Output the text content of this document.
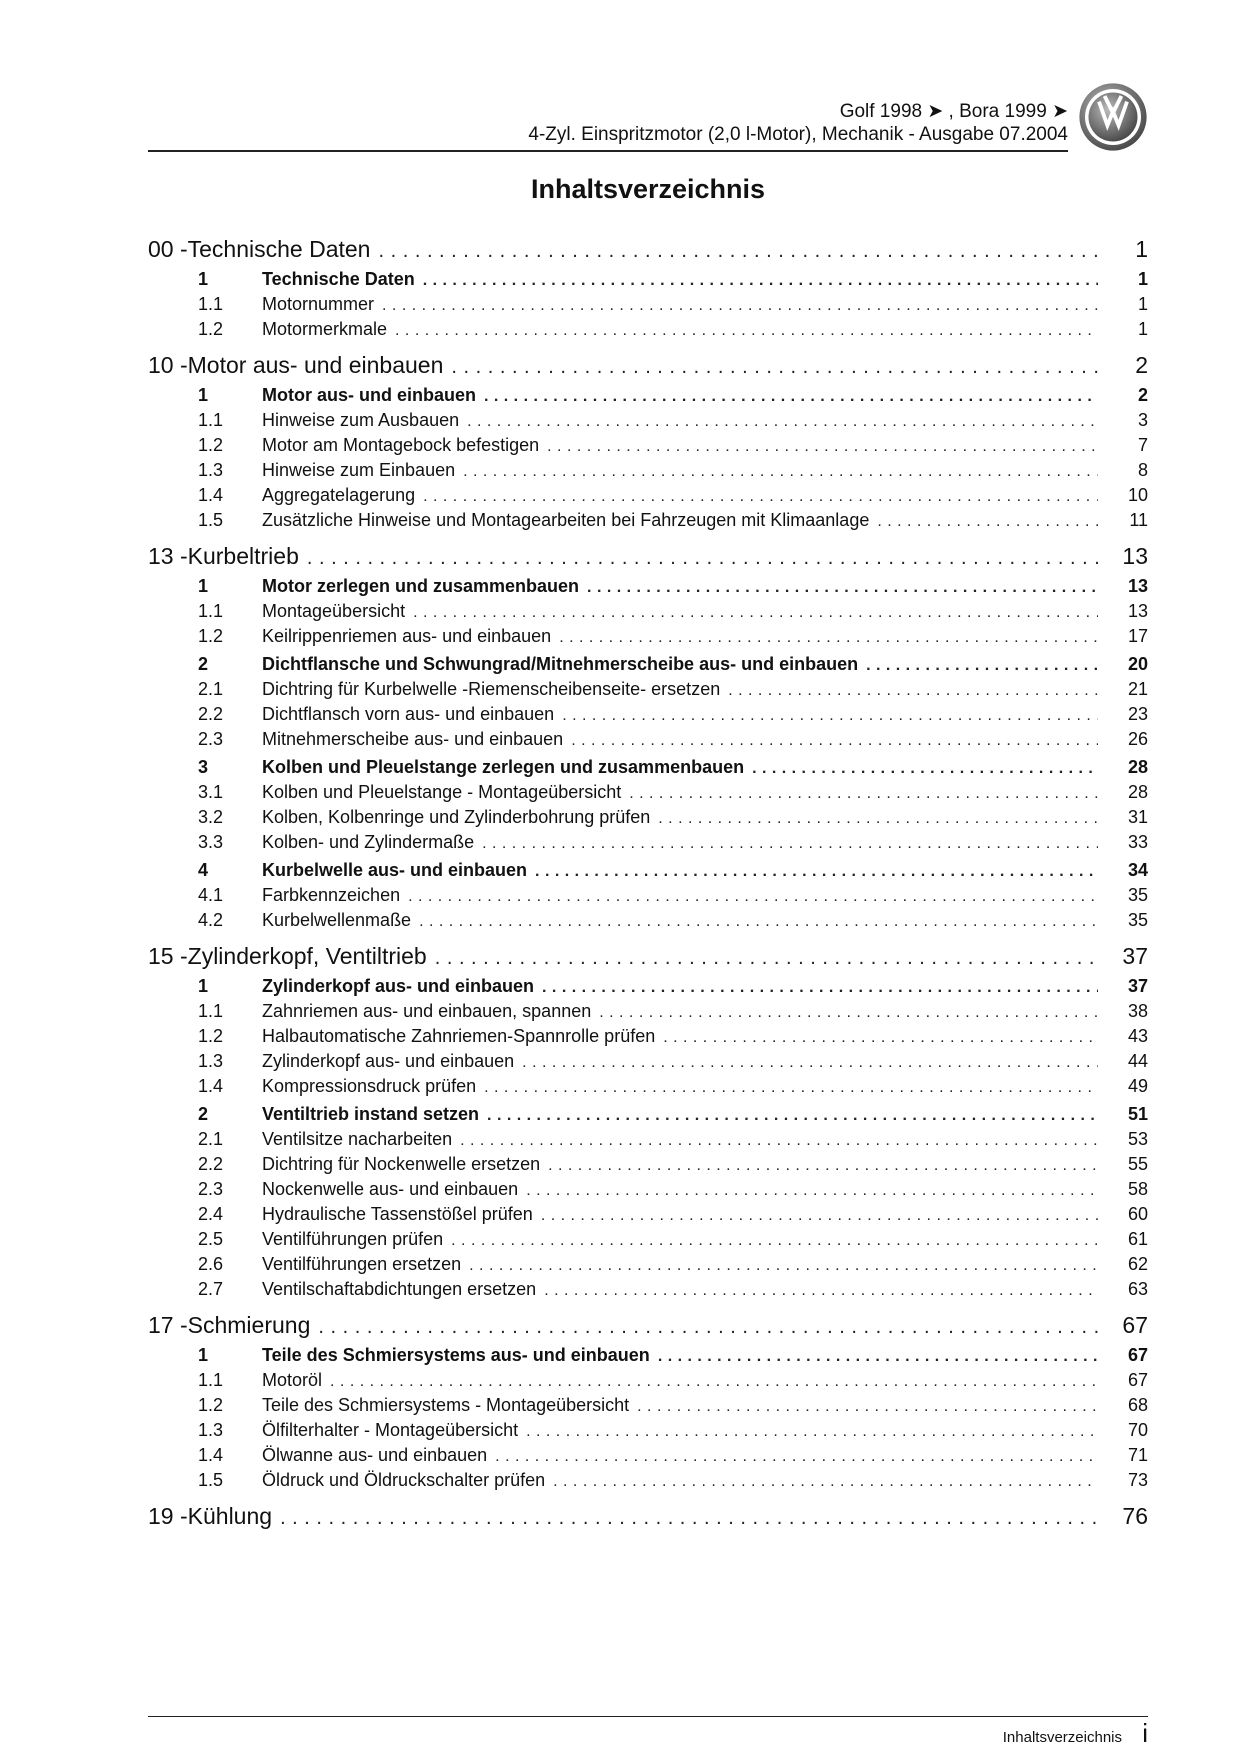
Golf 1998 ➤ , Bora 1999 ➤
4-Zyl. Einspritzmotor (2,0 l-Motor), Mechanik - Ausgabe 07.2004
Inhaltsverzeichnis
00 - Technische Daten . . .	1
1	Technische Daten . . .	1
1.1	Motornummer . . .	1
1.2	Motormerkmale . . .	1
10 - Motor aus- und einbauen . . .	2
1	Motor aus- und einbauen . . .	2
1.1	Hinweise zum Ausbauen . . .	3
1.2	Motor am Montagebock befestigen . . .	7
1.3	Hinweise zum Einbauen . . .	8
1.4	Aggregatelagerung . . .	10
1.5	Zusätzliche Hinweise und Montagearbeiten bei Fahrzeugen mit Klimaanlage . . .	11
13 - Kurbeltrieb . . .	13
1	Motor zerlegen und zusammenbauen . . .	13
1.1	Montageübersicht . . .	13
1.2	Keilrippenriemen aus- und einbauen . . .	17
2	Dichtflansche und Schwungrad/Mitnehmerscheibe aus- und einbauen . . .	20
2.1	Dichtring für Kurbelwelle -Riemenscheibenseite- ersetzen . . .	21
2.2	Dichtflansch vorn aus- und einbauen . . .	23
2.3	Mitnehmerscheibe aus- und einbauen . . .	26
3	Kolben und Pleuelstange zerlegen und zusammenbauen . . .	28
3.1	Kolben und Pleuelstange - Montageübersicht . . .	28
3.2	Kolben, Kolbenringe und Zylinderbohrung prüfen . . .	31
3.3	Kolben- und Zylindermaße . . .	33
4	Kurbelwelle aus- und einbauen . . .	34
4.1	Farbkennzeichen . . .	35
4.2	Kurbelwellenmaße . . .	35
15 - Zylinderkopf, Ventiltrieb . . .	37
1	Zylinderkopf aus- und einbauen . . .	37
1.1	Zahnriemen aus- und einbauen, spannen . . .	38
1.2	Halbautomatische Zahnriemen-Spannrolle prüfen . . .	43
1.3	Zylinderkopf aus- und einbauen . . .	44
1.4	Kompressionsdruck prüfen . . .	49
2	Ventiltrieb instand setzen . . .	51
2.1	Ventilsitze nacharbeiten . . .	53
2.2	Dichtring für Nockenwelle ersetzen . . .	55
2.3	Nockenwelle aus- und einbauen . . .	58
2.4	Hydraulische Tassenstößel prüfen . . .	60
2.5	Ventilführungen prüfen . . .	61
2.6	Ventilführungen ersetzen . . .	62
2.7	Ventilschaftabdichtungen ersetzen . . .	63
17 - Schmierung . . .	67
1	Teile des Schmiersystems aus- und einbauen . . .	67
1.1	Motoröl . . .	67
1.2	Teile des Schmiersystems - Montageübersicht . . .	68
1.3	Ölfilterhalter - Montageübersicht . . .	70
1.4	Ölwanne aus- und einbauen . . .	71
1.5	Öldruck und Öldruckschalter prüfen . . .	73
19 - Kühlung . . .	76
Inhaltsverzeichnis i
